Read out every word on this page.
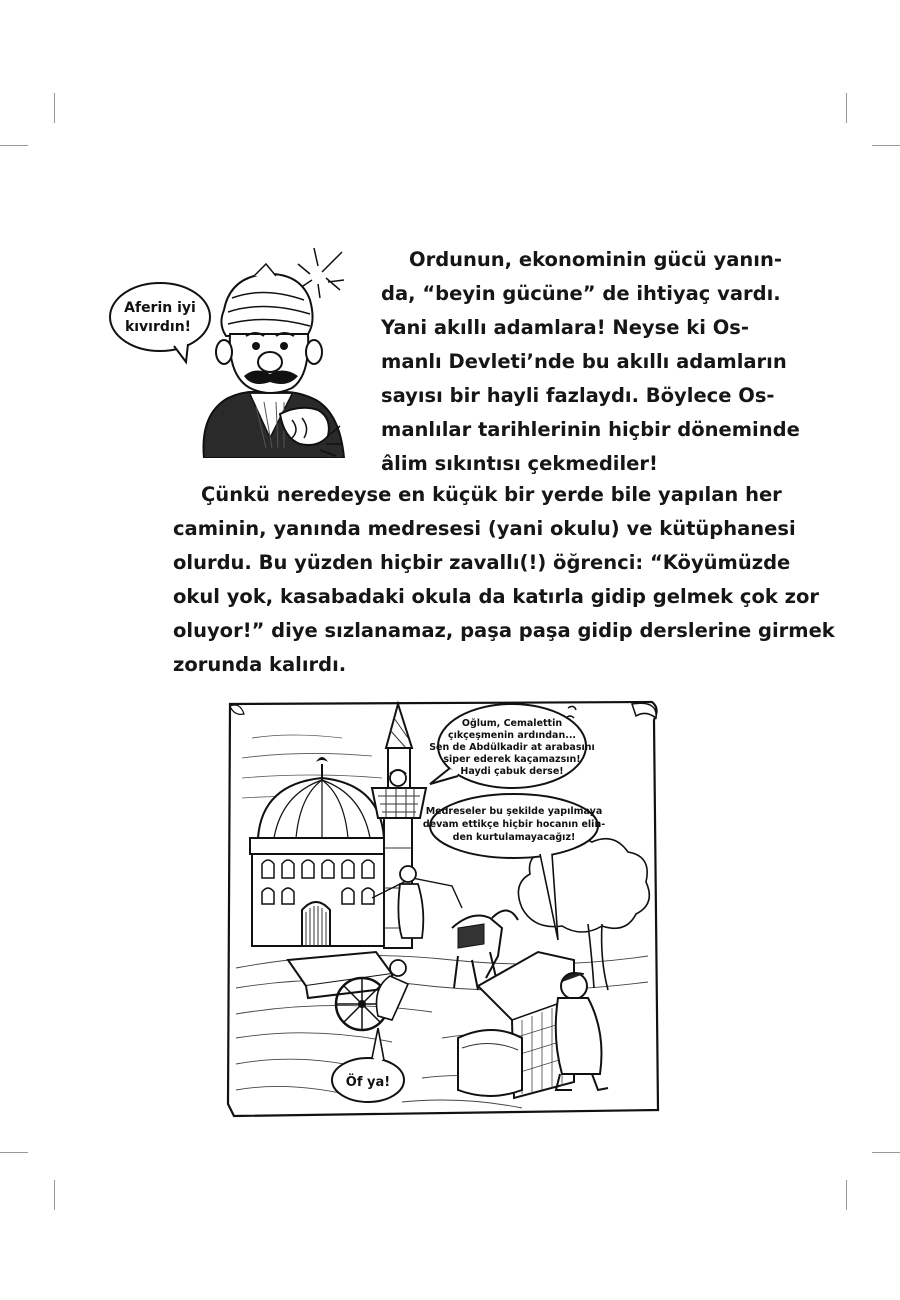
Aferin iyi
kıvırdın!
Ordunun, ekonominin gücü yanın-
da, “beyin gücüne” de ihtiyaç vardı.
Yani akıllı adamlara! Neyse ki Os-
manlı Devleti’nde bu akıllı adamların
sayısı bir hayli fazlaydı. Böylece Os-
manlılar tarihlerinin hiçbir döneminde
âlim sıkıntısı çekmediler!
Çünkü neredeyse en küçük bir yerde bile yapılan her
caminin, yanında medresesi (yani okulu) ve kütüphanesi
olurdu. Bu yüzden hiçbir zavallı(!) öğrenci: “Köyümüzde
okul yok, kasabadaki okula da katırla gidip gelmek çok zor
oluyor!” diye sızlanamaz, paşa paşa gidip derslerine girmek
zorunda kalırdı.
Oğlum, Cemalettin
çıkçeşmenin ardından...
Sen de Abdülkadir at arabasını
siper ederek kaçamazsın!
Haydi çabuk derse!
Medreseler bu şekilde yapılmaya
devam ettikçe hiçbir hocanın elin-
den kurtulamayacağız!
Öf ya!
